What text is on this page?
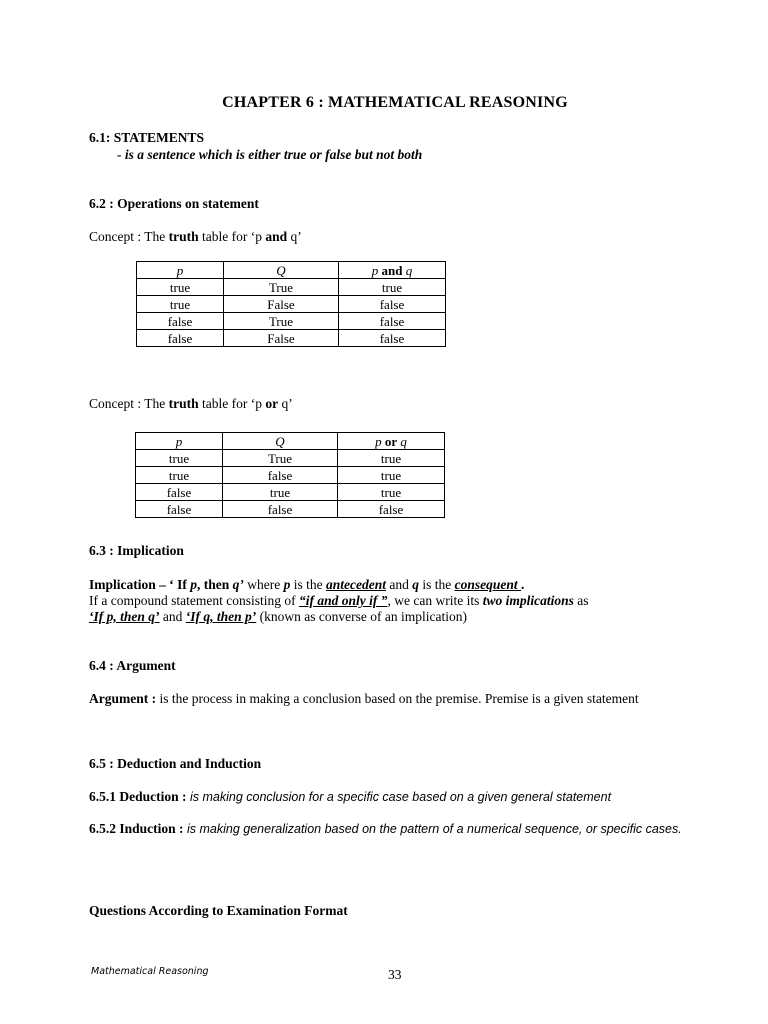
CHAPTER 6 : MATHEMATICAL REASONING
6.1: STATEMENTS
- is a sentence which is either true or false but not both
6.2 : Operations on statement
Concept : The truth table for ‘p and q’
p	Q	p and q
true	True	true
true	False	false
false	True	false
false	False	false
Concept : The truth table for ‘p or q’
p	Q	p or q
true	True	true
true	false	true
false	true	true
false	false	false
6.3 : Implication
Implication – ‘ If p, then q’ where p is the antecedent and q is the consequent .
If a compound statement consisting of “if and only if ”, we can write its two implications as
‘If p, then q’ and ‘If q, then p’ (known as converse of an implication)
6.4 : Argument
Argument : is the process in making a conclusion based on the premise. Premise is a given statement
6.5 : Deduction and Induction
6.5.1 Deduction : is making conclusion for a specific case based on a given general statement
6.5.2 Induction : is making generalization based on the pattern of a numerical sequence, or specific cases.
Questions According to Examination Format
Mathematical Reasoning	33
